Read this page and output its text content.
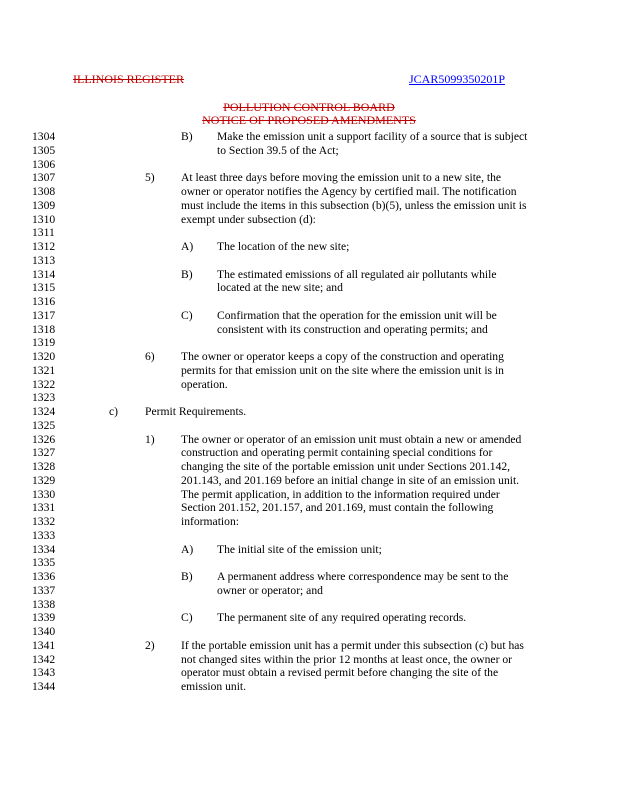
ILLINOIS REGISTER	JCAR5099350201P
POLLUTION CONTROL BOARD
NOTICE OF PROPOSED AMENDMENTS
1304	B) Make the emission unit a support facility of a source that is subject
1305	to Section 39.5 of the Act;
1306
1307	5) At least three days before moving the emission unit to a new site, the
1308	owner or operator notifies the Agency by certified mail. The notification
1309	must include the items in this subsection (b)(5), unless the emission unit is
1310	exempt under subsection (d):
1311
1312	A) The location of the new site;
1313
1314	B) The estimated emissions of all regulated air pollutants while
1315	located at the new site; and
1316
1317	C) Confirmation that the operation for the emission unit will be
1318	consistent with its construction and operating permits; and
1319
1320	6) The owner or operator keeps a copy of the construction and operating
1321	permits for that emission unit on the site where the emission unit is in
1322	operation.
1323
1324	c) Permit Requirements.
1325
1326	1) The owner or operator of an emission unit must obtain a new or amended
1327	construction and operating permit containing special conditions for
1328	changing the site of the portable emission unit under Sections 201.142,
1329	201.143, and 201.169 before an initial change in site of an emission unit.
1330	The permit application, in addition to the information required under
1331	Section 201.152, 201.157, and 201.169, must contain the following
1332	information:
1333
1334	A) The initial site of the emission unit;
1335
1336	B) A permanent address where correspondence may be sent to the
1337	owner or operator; and
1338
1339	C) The permanent site of any required operating records.
1340
1341	2) If the portable emission unit has a permit under this subsection (c) but has
1342	not changed sites within the prior 12 months at least once, the owner or
1343	operator must obtain a revised permit before changing the site of the
1344	emission unit.
